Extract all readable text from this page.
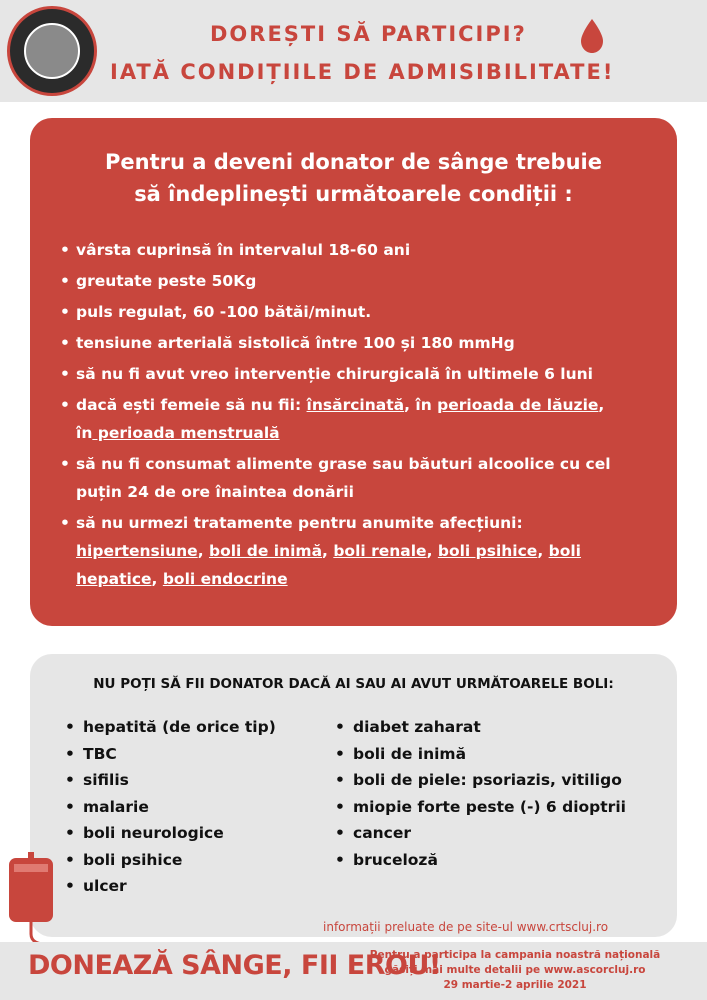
DOREȘTI SĂ PARTICIPI?
IATĂ CONDIȚIILE DE ADMISIBILITATE!
Pentru a deveni donator de sânge trebuie
să îndeplinești următoarele condiții :
• vârsta cuprinsă în intervalul 18-60 ani
• greutate peste 50Kg
• puls regulat, 60 -100 bătăi/minut.
• tensiune arterială sistolică între 100 și 180 mmHg
• să nu fi avut vreo intervenție chirurgicală în ultimele 6 luni
• dacă ești femeie să nu fii: însărcinată, în perioada de lăuzie,
în perioada menstruală
• să nu fi consumat alimente grase sau băuturi alcoolice cu cel
puțin 24 de ore înaintea donării
• să nu urmezi tratamente pentru anumite afecțiuni:
hipertensiune, boli de inimă, boli renale, boli psihice, boli
hepatice, boli endocrine
NU POȚI SĂ FII DONATOR DACĂ AI SAU AI AVUT URMĂTOARELE BOLI:
• hepatită (de orice tip)
• TBC
• sifilis
• malarie
• boli neurologice
• boli psihice
• ulcer
• diabet zaharat
• boli de inimă
• boli de piele: psoriazis, vitiligo
• miopie forte peste (-) 6 dioptrii
• cancer
• bruceloză
informații preluate de pe site-ul www.crtscluj.ro
DONEAZĂ SÂNGE, FII EROU!
Pentru a participa la campania noastră națională
găsiți mai multe detalii pe www.ascorcluj.ro
29 martie-2 aprilie 2021
